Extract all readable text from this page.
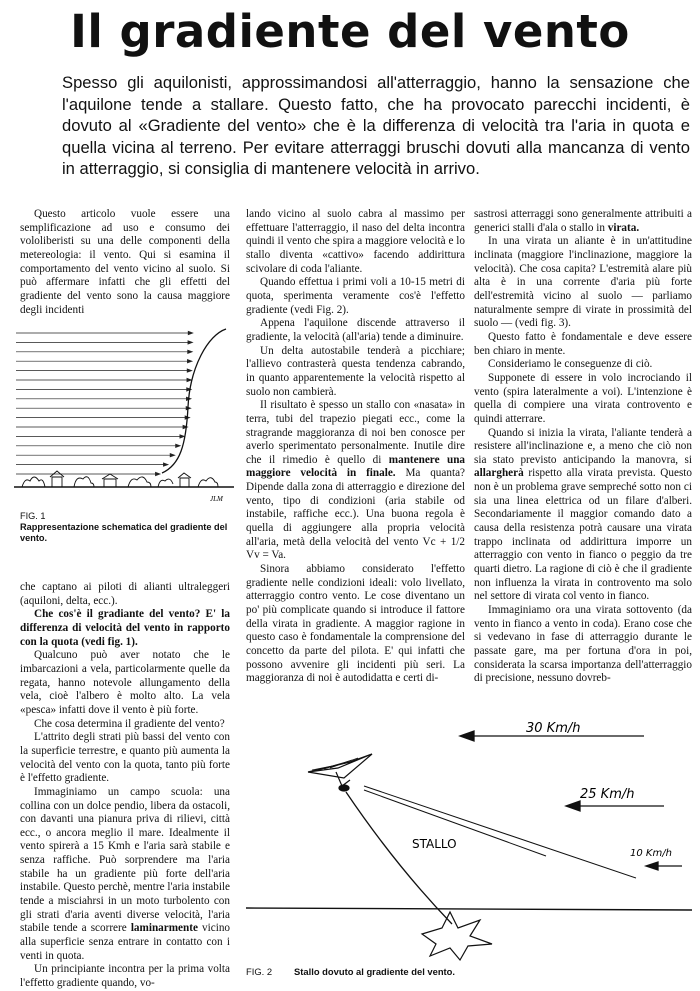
Il gradiente del vento
Spesso gli aquilonisti, approssimandosi all'atterraggio, hanno la sensazione che l'aquilone tende a stallare. Questo fatto, che ha provocato parecchi incidenti, è dovuto al «Gradiente del vento» che è la differenza di velocità tra l'aria in quota e quella vicina al terreno. Per evitare atterraggi bruschi dovuti alla mancanza di vento in atterraggio, si consiglia di mantenere velocità in arrivo.

Questo articolo vuole essere una semplificazione ad uso e consumo dei vololiberisti su una delle componenti della metereologia: il vento. Qui si esamina il comportamento del vento vicino al suolo. Si può affermare infatti che gli effetti del gradiente del vento sono la causa maggiore degli incidenti

JLM
FIG. 1
Rappresentazione schematica del gradiente del vento.

che captano ai piloti di alianti ultraleggeri (aquiloni, delta, ecc.).

Che cos'è il gradiante del vento? E' la differenza di velocità del vento in rapporto con la quota (vedi fig. 1).

Qualcuno può aver notato che le imbarcazioni a vela, particolarmente quelle da regata, hanno notevole allungamento della vela, cioè l'albero è molto alto. La vela «pesca» infatti dove il vento è più forte.

Che cosa determina il gradiente del vento?

L'attrito degli strati più bassi del vento con la superficie terrestre, e quanto più aumenta la velocità del vento con la quota, tanto più forte è l'effetto gradiente.

Immaginiamo un campo scuola: una collina con un dolce pendio, libera da ostacoli, con davanti una pianura priva di rilievi, città ecc., o ancora meglio il mare. Idealmente il vento spirerà a 15 Kmh e l'aria sarà stabile e senza raffiche. Può sorprendere ma l'aria stabile ha un gradiente più forte dell'aria instabile. Questo perchè, mentre l'aria instabile tende a misciahrsi in un moto turbolento con gli strati d'aria aventi diverse velocità, l'aria stabile tende a scorrere laminarmente vicino alla superficie senza entrare in contatto con i venti in quota.

Un principiante incontra per la prima volta l'effetto gradiente quando, vo-

lando vicino al suolo cabra al massimo per effettuare l'atterraggio, il naso del delta incontra quindi il vento che spira a maggiore velocità e lo stallo diventa «cattivo» facendo addirittura scivolare di coda l'aliante.

Quando effettua i primi voli a 10-15 metri di quota, sperimenta veramente cos'è l'effetto gradiente (vedi Fig. 2).

Appena l'aquilone discende attraverso il gradiente, la velocità (all'aria) tende a diminuire.

Un delta autostabile tenderà a picchiare; l'allievo contrasterà questa tendenza cabrando, in quanto apparentemente la velocità rispetto al suolo non cambierà.

Il risultato è spesso un stallo con «nasata» in terra, tubi del trapezio piegati ecc., come la stragrande maggioranza di noi ben conosce per averlo sperimentato personalmente. Inutile dire che il rimedio è quello di mantenere una maggiore velocità in finale. Ma quanta? Dipende dalla zona di atterraggio e direzione del vento, tipo di condizioni (aria stabile od instabile, raffiche ecc.). Una buona regola è quella di aggiungere alla propria velocità all'aria, metà della velocità del vento Vc + 1/2 Vv = Va.

Sinora abbiamo considerato l'effetto gradiente nelle condizioni ideali: volo livellato, atterraggio contro vento. Le cose diventano un po' più complicate quando si introduce il fattore della virata in gradiente. A maggior ragione in questo caso è fondamentale la comprensione del concetto da parte del pilota. E' qui infatti che possono avvenire gli incidenti più seri. La maggioranza di noi è autodidatta e certi di-

sastrosi atterraggi sono generalmente attribuiti a generici stalli d'ala o stallo in virata.

In una virata un aliante è in un'attitudine inclinata (maggiore l'inclinazione, maggiore la velocità). Che cosa capita? L'estremità alare più alta è in una corrente d'aria più forte dell'estremità vicino al suolo — parliamo naturalmente sempre di virate in prossimità del suolo — (vedi fig. 3).

Questo fatto è fondamentale e deve essere ben chiaro in mente.

Consideriamo le conseguenze di ciò.

Supponete di essere in volo incrociando il vento (spira lateralmente a voi). L'intenzione è quella di compiere una virata controvento e quindi atterrare.

Quando si inizia la virata, l'aliante tenderà a resistere all'inclinazione e, a meno che ciò non sia stato previsto anticipando la manovra, si allargherà rispetto alla virata prevista. Questo non è un problema grave sempreché sotto non ci sia una linea elettrica od un filare d'alberi. Secondariamente il maggior comando dato a causa della resistenza potrà causare una virata trappo inclinata od addirittura imporre un atterraggio con vento in fianco o peggio da tre quarti dietro. La ragione di ciò è che il gradiente non influenza la virata in controvento ma solo nel settore di virata col vento in fianco.

Immaginiamo ora una virata sottovento (da vento in fianco a vento in coda). Erano cose che si vedevano in fase di atterraggio durante le passate gare, ma per fortuna d'ora in poi, considerata la scarsa importanza dell'atterraggio di precisione, nessuno dovreb-

30 Km/h
25 Km/h
10 Km/h
STALLO
FIG. 2 Stallo dovuto al gradiente del vento.
